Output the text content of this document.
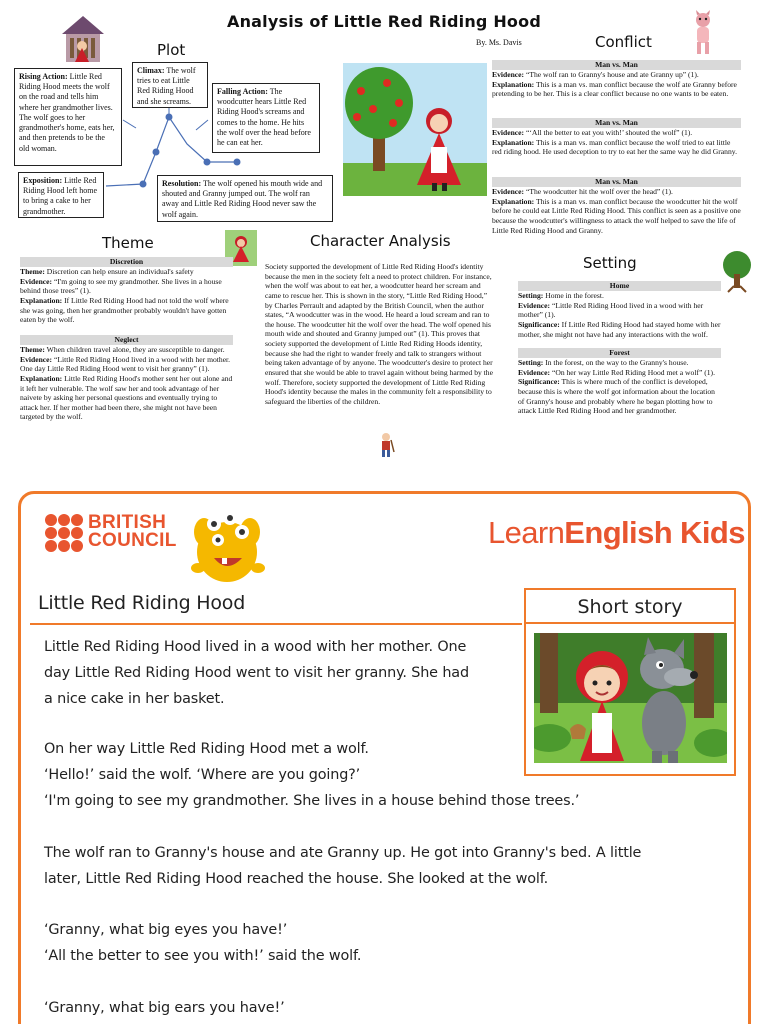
Analysis of Little Red Riding Hood
By. Ms. Davis
Plot
Rising Action: Little Red Riding Hood meets the wolf on the road and tells him where her grandmother lives. The wolf goes to her grandmother's home, eats her, and then pretends to be the old woman.
Climax: The wolf tries to eat Little Red Riding Hood and she screams.
Falling Action: The woodcutter hears Little Red Riding Hood's screams and comes to the home. He hits the wolf over the head before he can eat her.
Exposition: Little Red Riding Hood left home to bring a cake to her grandmother.
Resolution: The wolf opened his mouth wide and shouted and Granny jumped out. The wolf ran away and Little Red Riding Hood never saw the wolf again.
Conflict
Man vs. Man
Evidence: “The wolf ran to Granny's house and ate Granny up” (1).
Explanation: This is a man vs. man conflict because the wolf ate Granny before pretending to be her. This is a clear conflict because no one wants to be eaten.
Man vs. Man
Evidence: “‘All the better to eat you with!’ shouted the wolf” (1).
Explanation: This is a man vs. man conflict because the wolf tried to eat little red riding hood. He used deception to try to eat her the same way he did Granny.
Man vs. Man
Evidence: “The woodcutter hit the wolf over the head” (1).
Explanation: This is a man vs. man conflict because the woodcutter hit the wolf before he could eat Little Red Riding Hood. This conflict is seen as a positive one because the woodcutter's willingness to attack the wolf helped to save the life of Little Red Riding Hood and Granny.
Theme
Discretion
Theme: Discretion can help ensure an individual's safety
Evidence: “I'm going to see my grandmother. She lives in a house behind those trees” (1).
Explanation: If Little Red Riding Hood had not told the wolf where she was going, then her grandmother probably wouldn't have gotten eaten by the wolf.
Neglect
Theme: When children travel alone, they are susceptible to danger.
Evidence: “Little Red Riding Hood lived in a wood with her mother. One day Little Red Riding Hood went to visit her granny” (1).
Explanation: Little Red Riding Hood's mother sent her out alone and it left her vulnerable. The wolf saw her and took advantage of her naivete by asking her personal questions and eventually trying to attack her. If her mother had been there, she might not have been targeted by the wolf.
Character Analysis
Society supported the development of Little Red Riding Hood's identity because the men in the society felt a need to protect children. For instance, when the wolf was about to eat her, a woodcutter heard her scream and came to rescue her. This is shown in the story, “Little Red Riding Hood,” by Charles Perrault and adapted by the British Council, when the author states, “A woodcutter was in the wood. He heard a loud scream and ran to the house. The woodcutter hit the wolf over the head. The wolf opened his mouth wide and shouted and Granny jumped out” (1). This proves that society supported the development of Little Red Riding Hoods identity, because she had the right to wander freely and talk to strangers without being taken advantage of by anyone. The woodcutter's desire to protect her ensured that she would be able to travel again without being harmed by the wolf. Therefore, society supported the development of Little Red Riding Hood's identity because the males in the community felt a responsibility to safeguard the liberties of the children.
Setting
Home
Setting: Home in the forest.
Evidence: “Little Red Riding Hood lived in a wood with her mother” (1).
Significance: If Little Red Riding Hood had stayed home with her mother, she might not have had any interactions with the wolf.
Forest
Setting: In the forest, on the way to the Granny's house.
Evidence: “On her way Little Red Riding Hood met a wolf” (1).
Significance: This is where much of the conflict is developed, because this is where the wolf got information about the location of Granny's house and probably where he began plotting how to attack Little Red Riding Hood and her grandmother.
BRITISH
COUNCIL	LearnEnglish Kids
Little Red Riding Hood	Short story
Little Red Riding Hood lived in a wood with her mother. One
day Little Red Riding Hood went to visit her granny. She had
a nice cake in her basket.
On her way Little Red Riding Hood met a wolf.
‘Hello!’ said the wolf. ‘Where are you going?’
‘I'm going to see my grandmother. She lives in a house behind those trees.’
The wolf ran to Granny's house and ate Granny up. He got into Granny's bed. A little
later, Little Red Riding Hood reached the house. She looked at the wolf.
‘Granny, what big eyes you have!’
‘All the better to see you with!’ said the wolf.
‘Granny, what big ears you have!’
